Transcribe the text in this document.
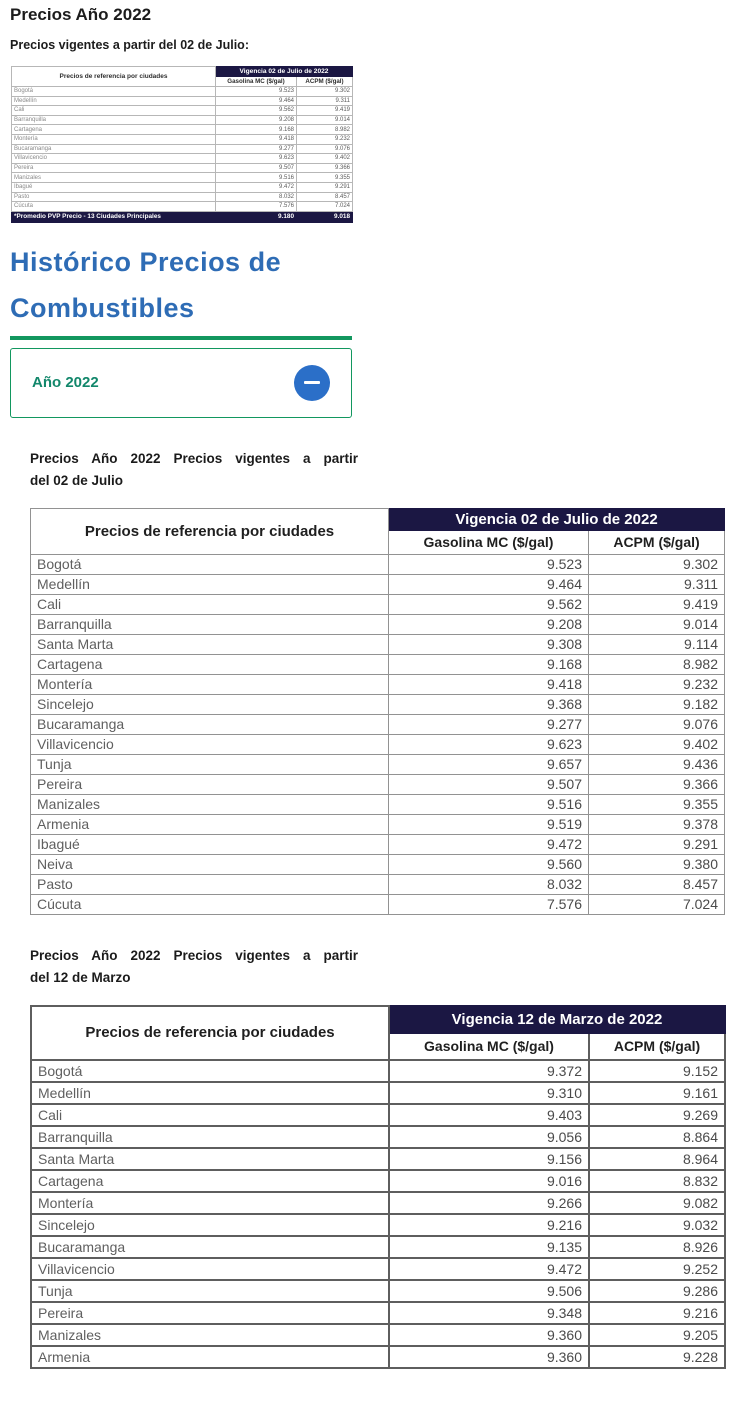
Precios Año 2022

Precios vigentes a partir del 02 de Julio:

Precios de referencia por ciudades	Vigencia 02 de Julio de 2022	
	Gasolina MC ($/gal)	ACPM ($/gal)
Bogotá	9.523	9.302
Medellín	9.464	9.311
Cali	9.562	9.419
Barranquilla	9.208	9.014
Cartagena	9.168	8.982
Montería	9.418	9.232
Bucaramanga	9.277	9.076
Villavicencio	9.623	9.402
Pereira	9.507	9.366
Manizales	9.516	9.355
Ibagué	9.472	9.291
Pasto	8.032	8.457
Cúcuta	7.576	7.024
*Promedio PVP Precio - 13 Ciudades Principales	9.180	9.018
Histórico Precios de Combustibles
Año 2022
Precios Año 2022 Precios vigentes a partir
del 02 de Julio
Precios de referencia por ciudades	Vigencia 02 de Julio de 2022	
	Gasolina MC ($/gal)	ACPM ($/gal)
Bogotá	9.523	9.302
Medellín	9.464	9.311
Cali	9.562	9.419
Barranquilla	9.208	9.014
Santa Marta	9.308	9.114
Cartagena	9.168	8.982
Montería	9.418	9.232
Sincelejo	9.368	9.182
Bucaramanga	9.277	9.076
Villavicencio	9.623	9.402
Tunja	9.657	9.436
Pereira	9.507	9.366
Manizales	9.516	9.355
Armenia	9.519	9.378
Ibagué	9.472	9.291
Neiva	9.560	9.380
Pasto	8.032	8.457
Cúcuta	7.576	7.024
Precios Año 2022 Precios vigentes a partir
del 12 de Marzo
Precios de referencia por ciudades	Vigencia 12 de Marzo de 2022	
	Gasolina MC ($/gal)	ACPM ($/gal)
Bogotá	9.372	9.152
Medellín	9.310	9.161
Cali	9.403	9.269
Barranquilla	9.056	8.864
Santa Marta	9.156	8.964
Cartagena	9.016	8.832
Montería	9.266	9.082
Sincelejo	9.216	9.032
Bucaramanga	9.135	8.926
Villavicencio	9.472	9.252
Tunja	9.506	9.286
Pereira	9.348	9.216
Manizales	9.360	9.205
Armenia	9.360	9.228
